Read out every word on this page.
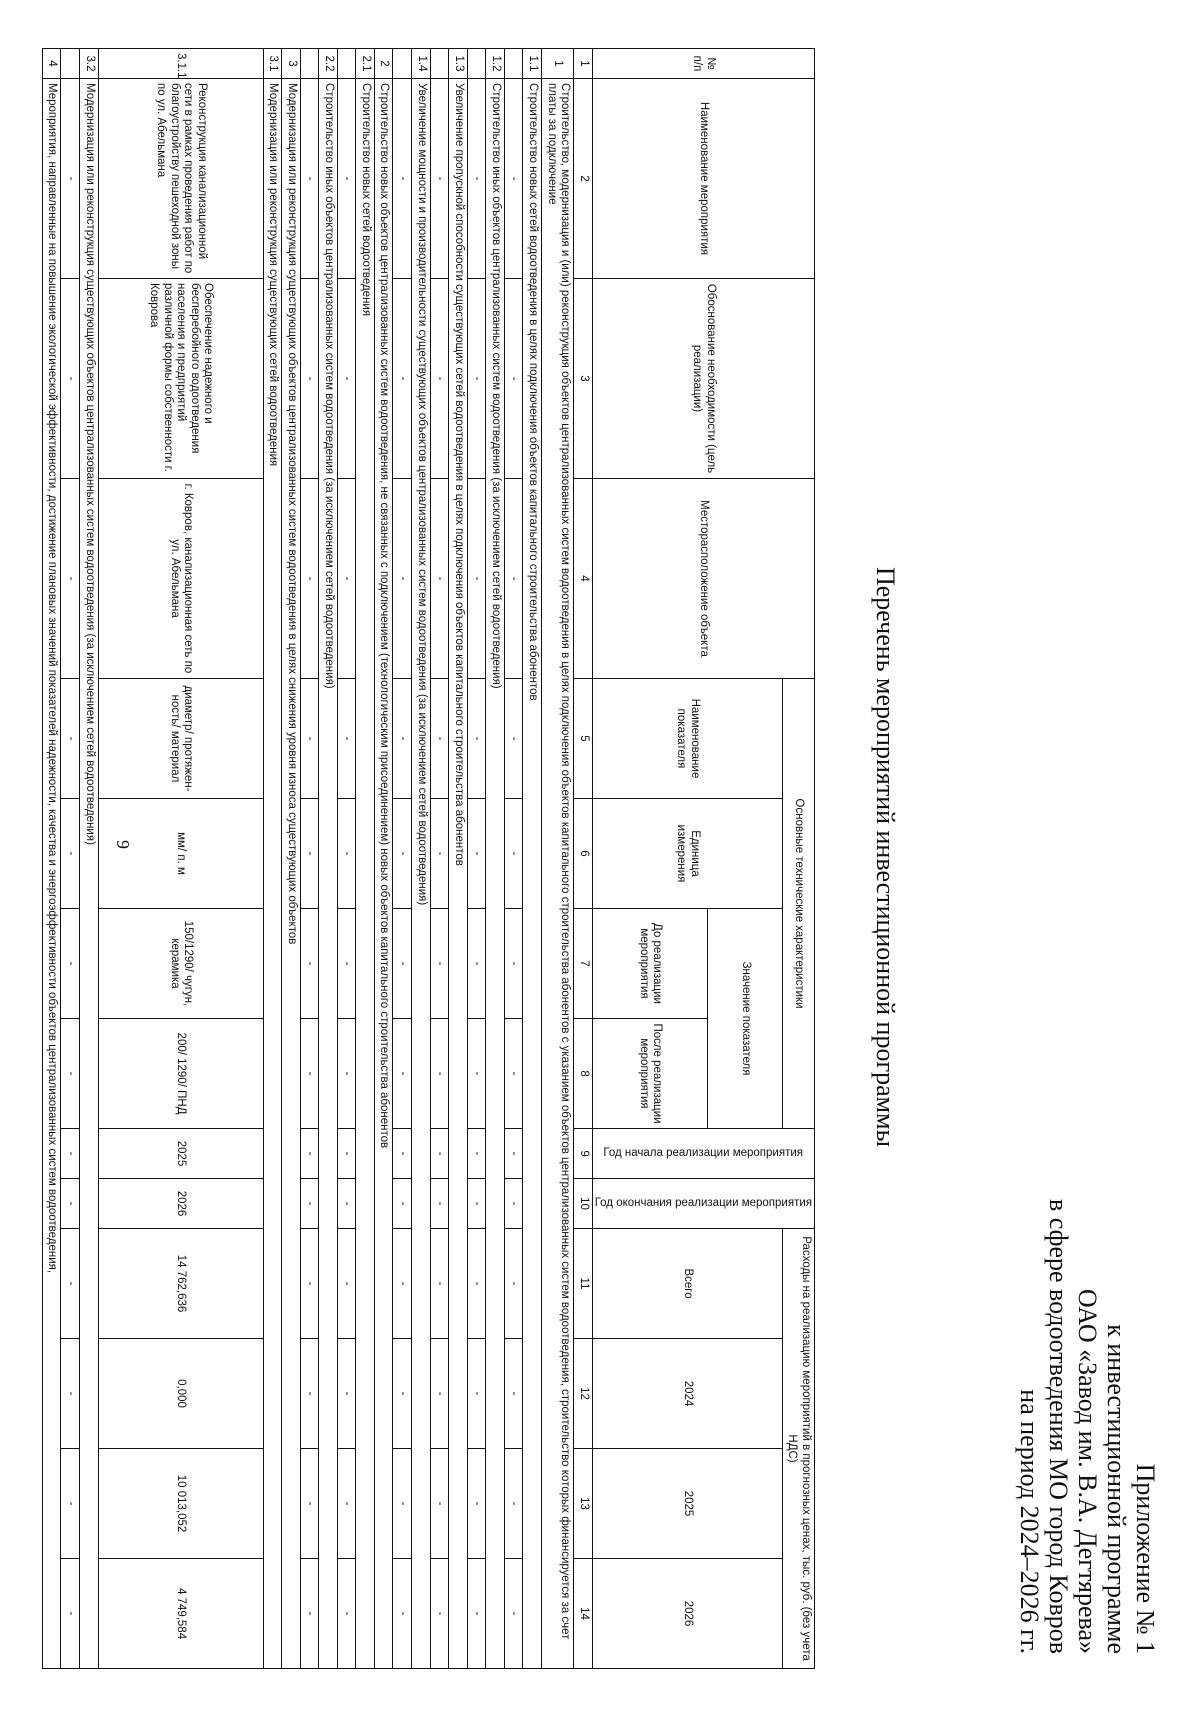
9
Приложение № 1
к инвестиционной программе
ОАО «Завод им. В.А. Дегтярева»
в сфере водоотведения МО город Ковров
на период 2024–2026 гг.
Перечень мероприятий инвестиционной программы
№ п/п	Наименование мероприятия	Обоснование необходимости (цель реализации)	Месторасположение объекта	Основные технические характеристики				Год начала реализации мероприятия	Год окончания реализации мероприятия	Расходы на реализацию мероприятий в прогнозных ценах, тыс. руб. (без учета НДС)			
				Наименование показателя	Единица измерения	Значение показателя				Всего	2024	2025	2026
						До реализации мероприятия	После реализации мероприятия						
1	2	3	4	5	6	7	8	9	10	11	12	13	14
1	Строительство, модернизация и (или) реконструкция объектов централизованных систем водоотведения в целях подключения объектов капитального строительства абонентов с указанием объектов централизованных систем водоотведения, строительство которых финансируется за счет платы за подключение												
1.1	Строительство новых сетей водоотведения в целях подключения объектов капитального строительства абонентов												
	-	-	-	-	-	-	-	-	-	-	-	-	-
1.2	Строительство иных объектов централизованных систем водоотведения (за исключением сетей водоотведения)												
	-	-	-	-	-	-	-	-	-	-	-	-	-
1.3	Увеличение пропускной способности существующих сетей водоотведения в целях подключения объектов капитального строительства абонентов												
	-	-	-	-	-	-	-	-	-	-	-	-	-
1.4	Увеличение мощности и производительности существующих объектов централизованных систем водоотведения (за исключением сетей водоотведения)												
	-	-	-	-	-	-	-	-	-	-	-	-	-
2	Строительство новых объектов централизованных систем водоотведения, не связанных с подключением (технологическим присоединением) новых объектов капитального строительства абонентов												
2.1	Строительство новых сетей водоотведения												
	-	-	-	-	-	-	-	-	-	-	-	-	-
2.2	Строительство иных объектов централизованных систем водоотведения (за исключением сетей водоотведения)												
	-	-	-	-	-	-	-	-	-	-	-	-	-
3	Модернизация или реконструкция существующих объектов централизованных систем водоотведения в целях снижения уровня износа существующих объектов												
3.1	Модернизация или реконструкция существующих сетей водоотведения												
3.1.1	Реконструкция канализационной сети в рамках проведения работ по благоустройству пешеходной зоны по ул. Абельмана	Обеспечение надежного и бесперебойного водоотведения населения и предприятий различной формы собственности г. Коврова	г. Ковров, канализационная сеть по ул. Абельмана	диаметр/ протяжен-ность/ материал	мм/ п. м	150/1290/ чугун, керамика	200/ 1290/ ПНД	2025	2026	14 762,636	0,000	10 013,052	4 749,584
3.2	Модернизация или реконструкция существующих объектов централизованных систем водоотведения (за исключением сетей водоотведения)												
	-	-	-	-	-	-	-	-	-	-	-	-	-
4	Мероприятия, направленные на повышение экологической эффективности, достижение плановых значений показателей надежности, качества и энергоэффективности объектов централизованных систем водоотведения,												
